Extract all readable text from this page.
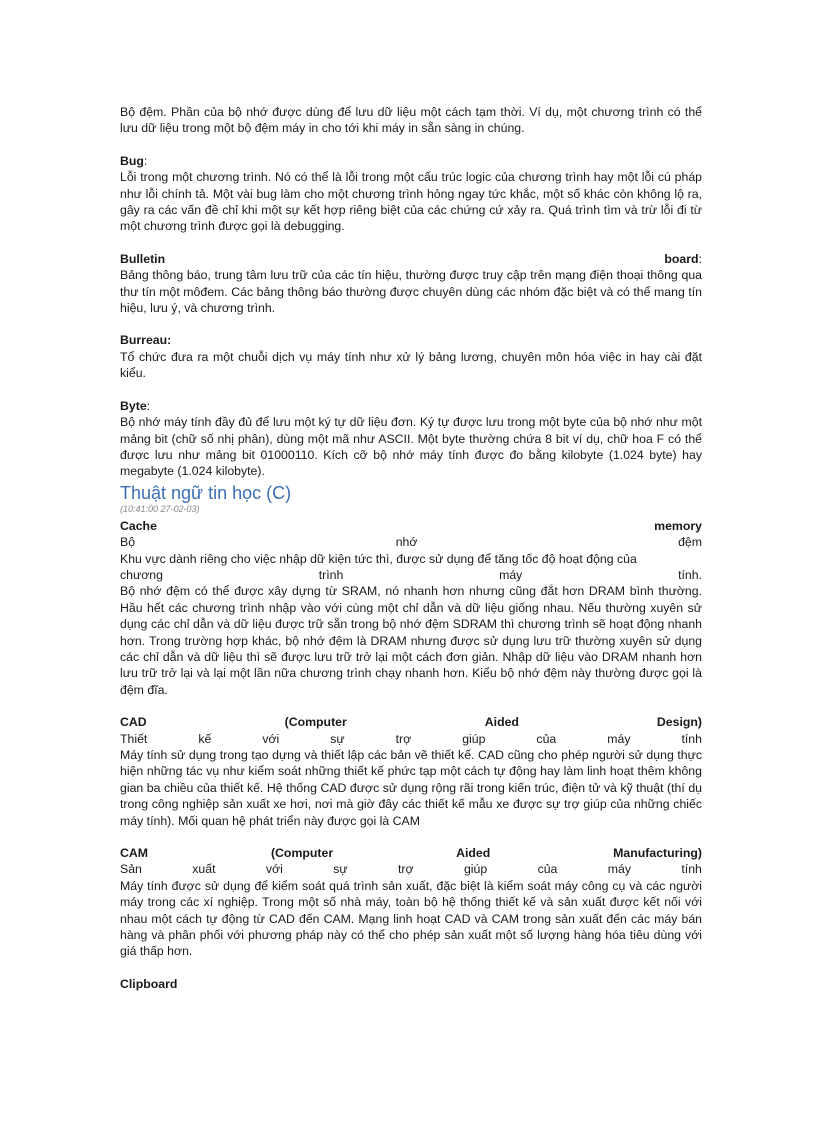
Bộ đệm. Phần của bộ nhớ được dùng để lưu dữ liệu một cách tạm thời. Ví dụ, một chương trình có thể lưu dữ liệu trong một bộ đệm máy in cho tới khi máy in sẵn sàng in chúng.

Bug:

Lỗi trong một chương trình. Nó có thể là lỗi trong một cấu trúc logic của chương trình hay một lỗi cú pháp như lỗi chính tả. Một vài bug làm cho một chương trình hỏng ngay tức khắc, một số khác còn không lộ ra, gây ra các vấn đề chỉ khi một sự kết hợp riêng biệt của các chứng cứ xảy ra. Quá trình tìm và trừ lỗi đi từ một chương trình được gọi là debugging.

Bulletin	board:

Bảng thông báo, trung tâm lưu trữ của các tín hiệu, thường được truy cập trên mạng điện thoại thông qua thư tín một môđem. Các bảng thông báo thường được chuyên dùng các nhóm đặc biệt và có thể mang tín hiệu, lưu ý, và chương trình.

Burreau:

Tổ chức đưa ra một chuỗi dịch vụ máy tính như xử lý bảng lương, chuyên môn hóa việc in hay cài đặt kiểu.

Byte:

Bộ nhớ máy tính đầy đủ để lưu một ký tự dữ liệu đơn. Ký tự được lưu trong một byte của bộ nhớ như một mảng bit (chữ số nhị phân), dùng một mã như ASCII. Một byte thường chứa 8 bit ví dụ, chữ hoa F có thể được lưu như mảng bit 01000110. Kích cỡ bộ nhớ máy tính được đo bằng kilobyte (1.024 byte) hay megabyte (1.024 kilobyte).

Thuật ngữ tin học (C)
(10:41:00 27-02-03)
Cache	memory
Bộ	nhớ	đệm

Khu vực dành riêng cho việc nhập dữ kiện tức thì, được sử dụng để tăng tốc độ hoạt động của

chương	trình	máy	tính.

Bộ nhớ đệm có thể được xây dựng từ SRAM, nó nhanh hơn nhưng cũng đắt hơn DRAM bình thường. Hầu hết các chương trình nhập vào với cùng một chỉ dẫn và dữ liệu giống nhau. Nếu thường xuyên sử dụng các chỉ dẫn và dữ liệu được trữ sẵn trong bộ nhớ đệm SDRAM thì chương trình sẽ hoạt động nhanh hơn. Trong trường hợp khác, bộ nhớ đệm là DRAM nhưng được sử dụng lưu trữ thường xuyên sử dụng các chỉ dẫn và dữ liệu thì sẽ được lưu trữ trở lại một cách đơn giản. Nhập dữ liệu vào DRAM nhanh hơn lưu trữ trở lại và lại một lần nữa chương trình chạy nhanh hơn. Kiểu bộ nhớ đệm này thường được gọi là đệm đĩa.

CAD	(Computer	Aided	Design)
Thiết	kế	với	sự	trợ	giúp	của	máy	tính

Máy tính sử dụng trong tạo dựng và thiết lập các bản vẽ thiết kế. CAD cũng cho phép người sử dụng thực hiện những tác vụ như kiểm soát những thiết kế phức tạp một cách tự động hay làm linh hoạt thêm không gian ba chiều của thiết kế. Hệ thống CAD được sử dụng rộng rãi trong kiến trúc, điện tử và kỹ thuật (thí dụ trong công nghiệp sản xuất xe hơi, nơi mà giờ đây các thiết kế mẫu xe được sự trợ giúp của những chiếc máy tính). Mối quan hệ phát triển này được gọi là CAM

CAM	(Computer	Aided	Manufacturing)
Sản	xuất	với	sự	trợ	giúp	của	máy	tính

Máy tính được sử dụng để kiểm soát quá trình sản xuất, đặc biệt là kiểm soát máy công cụ và các người máy trong các xí nghiệp. Trong một số nhà máy, toàn bộ hệ thống thiết kế và sản xuất được kết nối với nhau một cách tự động từ CAD đến CAM. Mạng linh hoạt CAD và CAM trong sản xuất đến các máy bán hàng và phân phối với phương pháp này có thể cho phép sản xuất một số lượng hàng hóa tiêu dùng với giá thấp hơn.

Clipboard
